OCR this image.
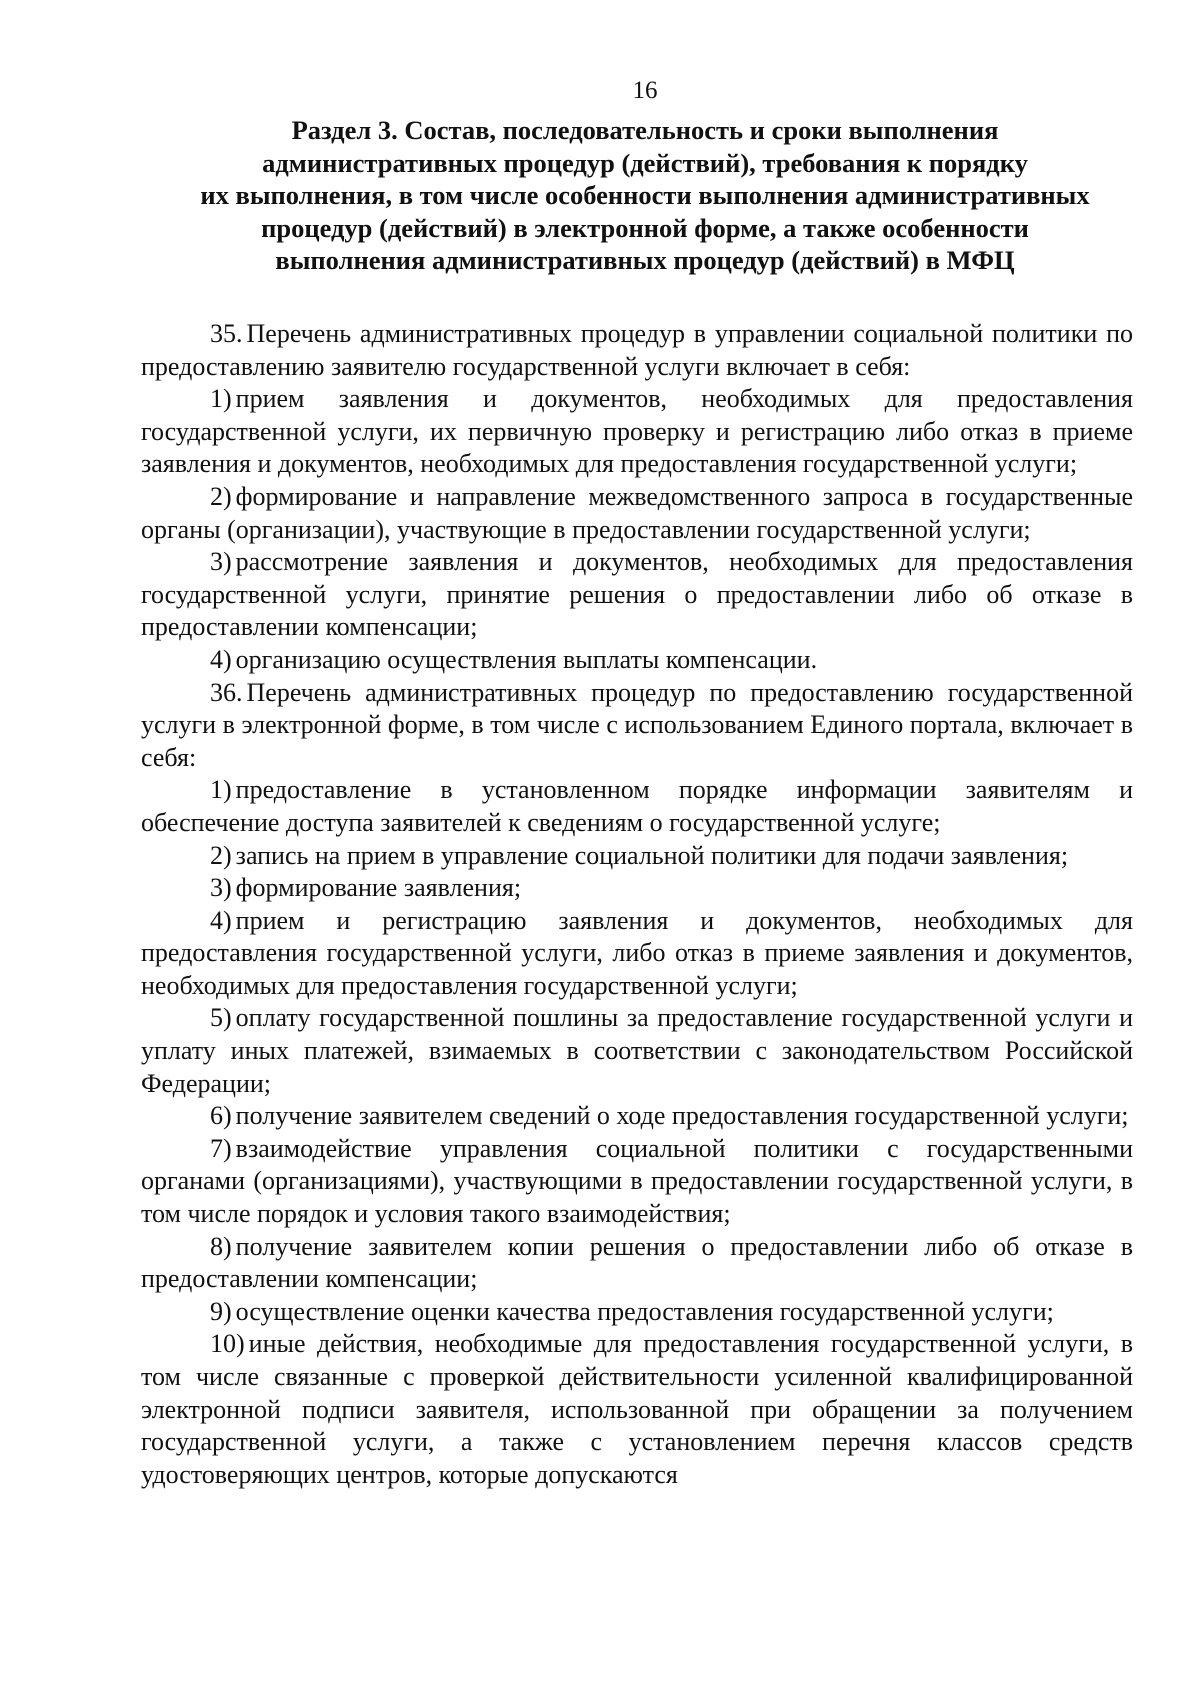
16
Раздел 3. Состав, последовательность и сроки выполнения
административных процедур (действий), требования к порядку
их выполнения, в том числе особенности выполнения административных
процедур (действий) в электронной форме, а также особенности
выполнения административных процедур (действий) в МФЦ

35. Перечень административных процедур в управлении социальной политики по предоставлению заявителю государственной услуги включает в себя:

1) прием заявления и документов, необходимых для предоставления государственной услуги, их первичную проверку и регистрацию либо отказ в приеме заявления и документов, необходимых для предоставления государственной услуги;

2) формирование и направление межведомственного запроса в государственные органы (организации), участвующие в предоставлении государственной услуги;

3) рассмотрение заявления и документов, необходимых для предоставления государственной услуги, принятие решения о предоставлении либо об отказе в предоставлении компенсации;

4) организацию осуществления выплаты компенсации.

36. Перечень административных процедур по предоставлению государственной услуги в электронной форме, в том числе с использованием Единого портала, включает в себя:

1) предоставление в установленном порядке информации заявителям и обеспечение доступа заявителей к сведениям о государственной услуге;

2) запись на прием в управление социальной политики для подачи заявления;

3) формирование заявления;

4) прием и регистрацию заявления и документов, необходимых для предоставления государственной услуги, либо отказ в приеме заявления и документов, необходимых для предоставления государственной услуги;

5) оплату государственной пошлины за предоставление государственной услуги и уплату иных платежей, взимаемых в соответствии с законодательством Российской Федерации;

6) получение заявителем сведений о ходе предоставления государственной услуги;

7) взаимодействие управления социальной политики с государственными органами (организациями), участвующими в предоставлении государственной услуги, в том числе порядок и условия такого взаимодействия;

8) получение заявителем копии решения о предоставлении либо об отказе в предоставлении компенсации;

9) осуществление оценки качества предоставления государственной услуги;

10) иные действия, необходимые для предоставления государственной услуги, в том числе связанные с проверкой действительности усиленной квалифицированной электронной подписи заявителя, использованной при обращении за получением государственной услуги, а также с установлением перечня классов средств удостоверяющих центров, которые допускаются
